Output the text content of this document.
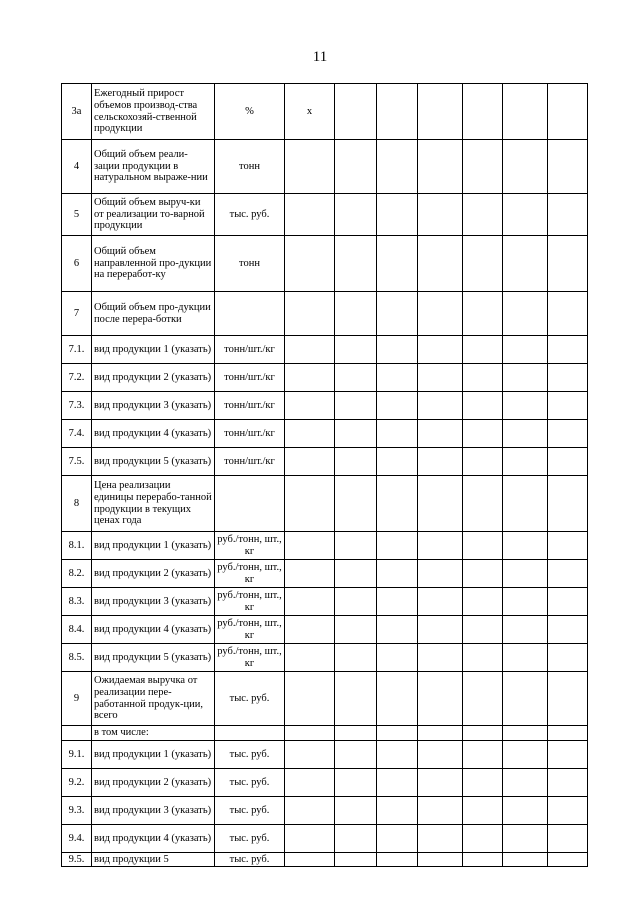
11
3а	Ежегодный прирост объемов производ-ства сельскохозяй-ственной продукции	%	х						
4	Общий объем реали-зации продукции в натуральном выраже-нии	тонн							
5	Общий объем выруч-ки от реализации то-варной продукции	тыс. руб.							
6	Общий объем направленной про-дукции на переработ-ку	тонн							
7	Общий объем про-дукции после перера-ботки								
7.1.	вид продукции 1 (указать)	тонн/шт./кг							
7.2.	вид продукции 2 (указать)	тонн/шт./кг							
7.3.	вид продукции 3 (указать)	тонн/шт./кг							
7.4.	вид продукции 4 (указать)	тонн/шт./кг							
7.5.	вид продукции 5 (указать)	тонн/шт./кг							
8	Цена реализации единицы перерабо-танной продукции в текущих ценах года								
8.1.	вид продукции 1 (указать)	руб./тонн, шт., кг							
8.2.	вид продукции 2 (указать)	руб./тонн, шт., кг							
8.3.	вид продукции 3 (указать)	руб./тонн, шт., кг							
8.4.	вид продукции 4 (указать)	руб./тонн, шт., кг							
8.5.	вид продукции 5 (указать)	руб./тонн, шт., кг							
9	Ожидаемая выручка от реализации пере-работанной продук-ции, всего	тыс. руб.							
	в том числе:								
9.1.	вид продукции 1 (указать)	тыс. руб.							
9.2.	вид продукции 2 (указать)	тыс. руб.							
9.3.	вид продукции 3 (указать)	тыс. руб.							
9.4.	вид продукции 4 (указать)	тыс. руб.							
9.5.	вид продукции 5	тыс. руб.							
